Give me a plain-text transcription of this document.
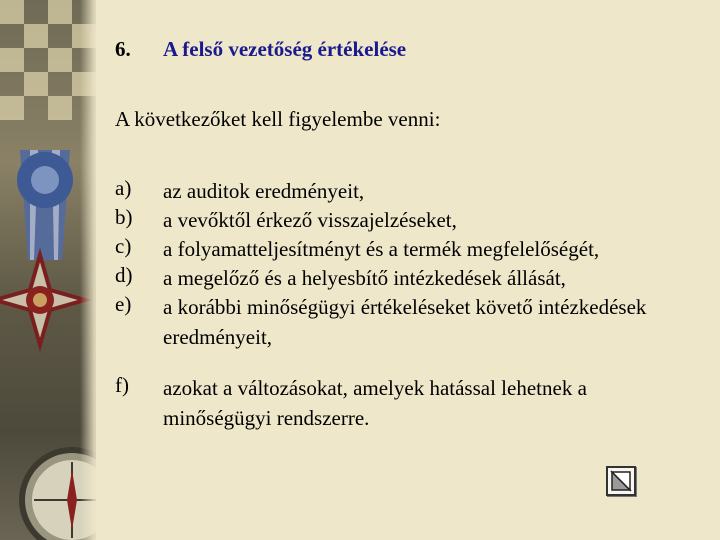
6. A felső vezetőség értékelése
A következőket kell figyelembe venni:
a) az auditok eredményeit,
b) a vevőktől érkező visszajelzéseket,
c) a folyamatteljesítményt és a termék megfelelőségét,
d) a megelőző és a helyesbítő intézkedések állását,
e) a korábbi minőségügyi értékeléseket követő intézkedések eredményeit,
f) azokat a változásokat, amelyek hatással lehetnek a minőségügyi rendszerre.
